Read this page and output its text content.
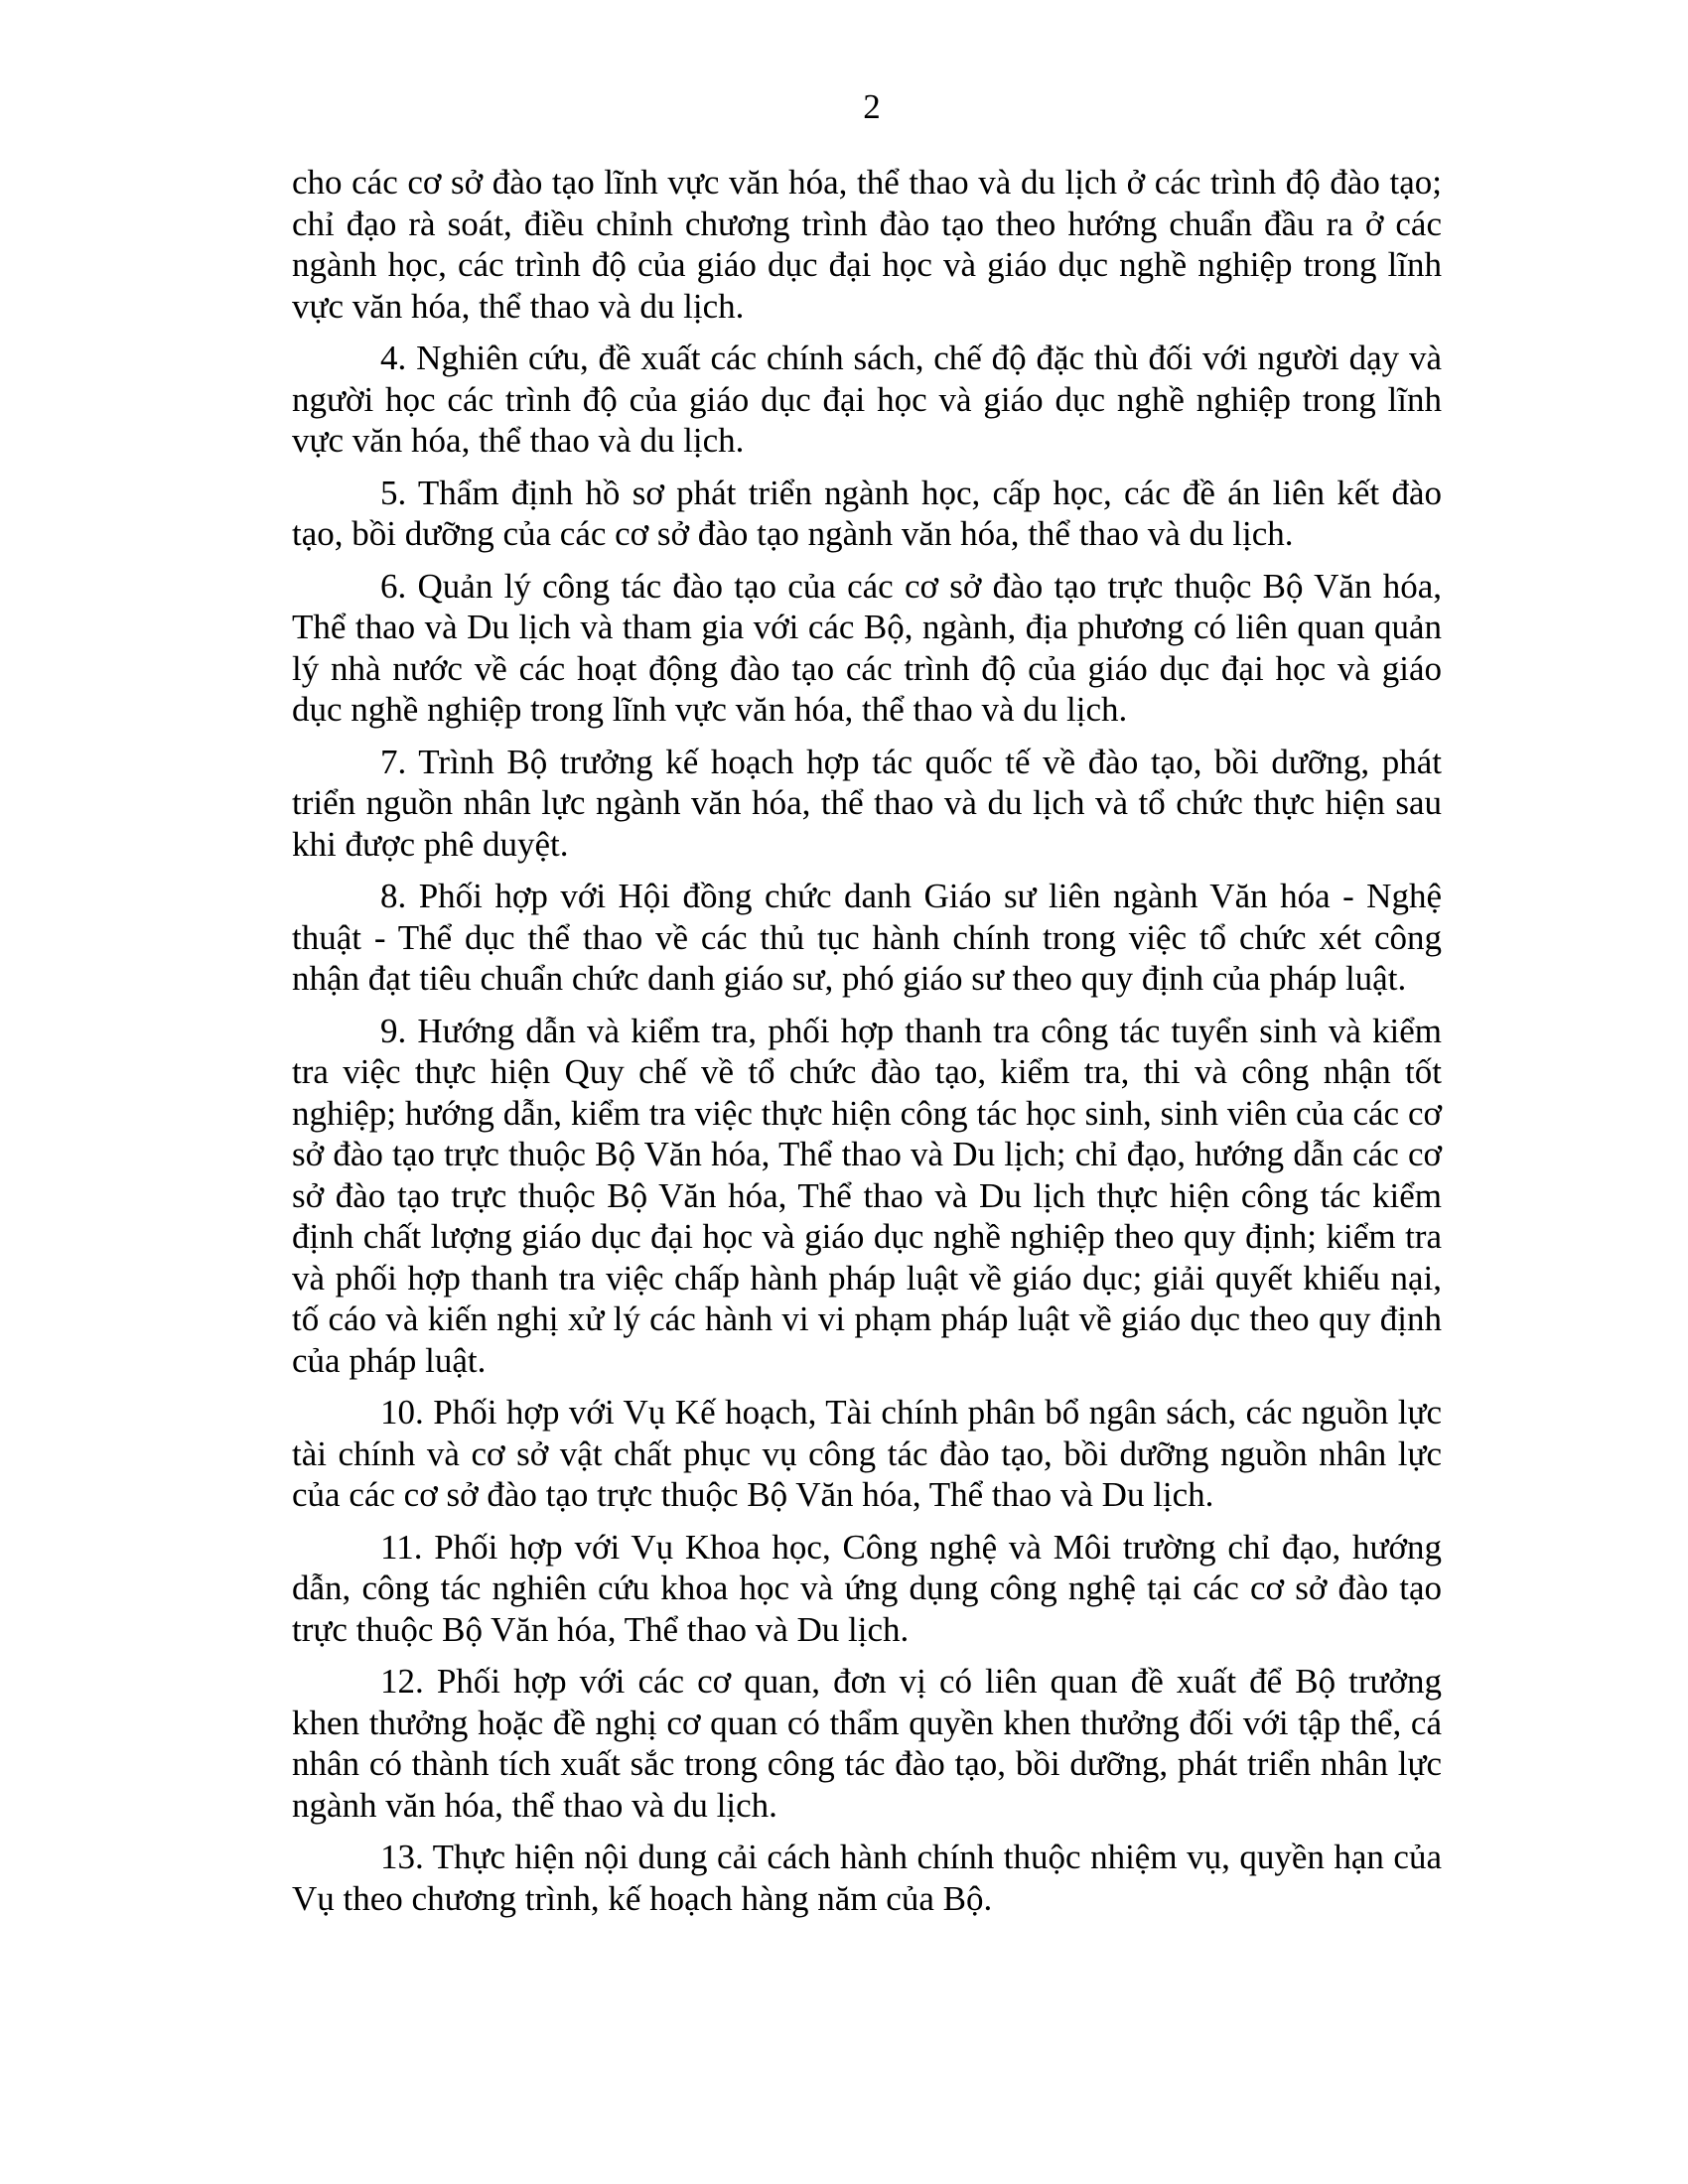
2

cho các cơ sở đào tạo lĩnh vực văn hóa, thể thao và du lịch ở các trình độ đào tạo; chỉ đạo rà soát, điều chỉnh chương trình đào tạo theo hướng chuẩn đầu ra ở các ngành học, các trình độ của giáo dục đại học và giáo dục nghề nghiệp trong lĩnh vực văn hóa, thể thao và du lịch.

4. Nghiên cứu, đề xuất các chính sách, chế độ đặc thù đối với người dạy và người học các trình độ của giáo dục đại học và giáo dục nghề nghiệp trong lĩnh vực văn hóa, thể thao và du lịch.

5. Thẩm định hồ sơ phát triển ngành học, cấp học, các đề án liên kết đào tạo, bồi dưỡng của các cơ sở đào tạo ngành văn hóa, thể thao và du lịch.

6. Quản lý công tác đào tạo của các cơ sở đào tạo trực thuộc Bộ Văn hóa, Thể thao và Du lịch và tham gia với các Bộ, ngành, địa phương có liên quan quản lý nhà nước về các hoạt động đào tạo các trình độ của giáo dục đại học và giáo dục nghề nghiệp trong lĩnh vực văn hóa, thể thao và du lịch.

7. Trình Bộ trưởng kế hoạch hợp tác quốc tế về đào tạo, bồi dưỡng, phát triển nguồn nhân lực ngành văn hóa, thể thao và du lịch và tổ chức thực hiện sau khi được phê duyệt.

8. Phối hợp với Hội đồng chức danh Giáo sư liên ngành Văn hóa - Nghệ thuật - Thể dục thể thao về các thủ tục hành chính trong việc tổ chức xét công nhận đạt tiêu chuẩn chức danh giáo sư, phó giáo sư theo quy định của pháp luật.

9. Hướng dẫn và kiểm tra, phối hợp thanh tra công tác tuyển sinh và kiểm tra việc thực hiện Quy chế về tổ chức đào tạo, kiểm tra, thi và công nhận tốt nghiệp; hướng dẫn, kiểm tra việc thực hiện công tác học sinh, sinh viên của các cơ sở đào tạo trực thuộc Bộ Văn hóa, Thể thao và Du lịch; chỉ đạo, hướng dẫn các cơ sở đào tạo trực thuộc Bộ Văn hóa, Thể thao và Du lịch thực hiện công tác kiểm định chất lượng giáo dục đại học và giáo dục nghề nghiệp theo quy định; kiểm tra và phối hợp thanh tra việc chấp hành pháp luật về giáo dục; giải quyết khiếu nại, tố cáo và kiến nghị xử lý các hành vi vi phạm pháp luật về giáo dục theo quy định của pháp luật.

10. Phối hợp với Vụ Kế hoạch, Tài chính phân bổ ngân sách, các nguồn lực tài chính và cơ sở vật chất phục vụ công tác đào tạo, bồi dưỡng nguồn nhân lực của các cơ sở đào tạo trực thuộc Bộ Văn hóa, Thể thao và Du lịch.

11. Phối hợp với Vụ Khoa học, Công nghệ và Môi trường chỉ đạo, hướng dẫn, công tác nghiên cứu khoa học và ứng dụng công nghệ tại các cơ sở đào tạo trực thuộc Bộ Văn hóa, Thể thao và Du lịch.

12. Phối hợp với các cơ quan, đơn vị có liên quan đề xuất để Bộ trưởng khen thưởng hoặc đề nghị cơ quan có thẩm quyền khen thưởng đối với tập thể, cá nhân có thành tích xuất sắc trong công tác đào tạo, bồi dưỡng, phát triển nhân lực ngành văn hóa, thể thao và du lịch.

13. Thực hiện nội dung cải cách hành chính thuộc nhiệm vụ, quyền hạn của Vụ theo chương trình, kế hoạch hàng năm của Bộ.
